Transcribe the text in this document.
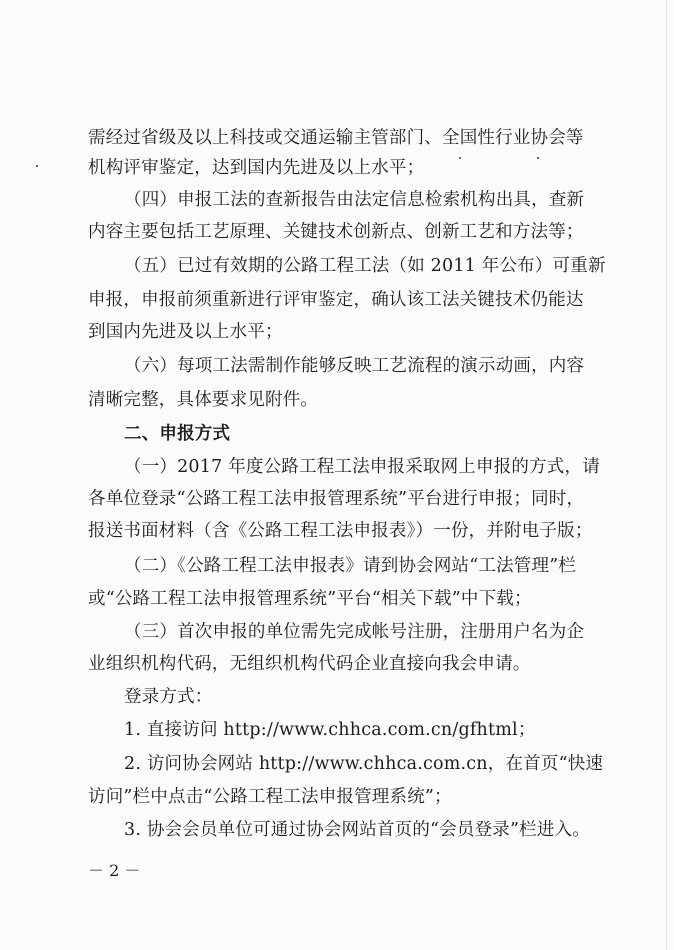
需经过省级及以上科技或交通运输主管部门、全国性行业协会等
机构评审鉴定，达到国内先进及以上水平；
（四）申报工法的查新报告由法定信息检索机构出具，查新
内容主要包括工艺原理、关键技术创新点、创新工艺和方法等；
（五）已过有效期的公路工程工法（如 2011 年公布）可重新
申报，申报前须重新进行评审鉴定，确认该工法关键技术仍能达
到国内先进及以上水平；
（六）每项工法需制作能够反映工艺流程的演示动画，内容
清晰完整，具体要求见附件。
二、申报方式
（一）2017 年度公路工程工法申报采取网上申报的方式，请
各单位登录“公路工程工法申报管理系统”平台进行申报；同时，
报送书面材料（含《公路工程工法申报表》）一份，并附电子版；
（二）《公路工程工法申报表》请到协会网站“工法管理”栏
或“公路工程工法申报管理系统”平台“相关下载”中下载；
（三）首次申报的单位需先完成帐号注册，注册用户名为企
业组织机构代码，无组织机构代码企业直接向我会申请。
登录方式：
1. 直接访问 http://www.chhca.com.cn/gfhtml；
2. 访问协会网站 http://www.chhca.com.cn，在首页“快速
访问”栏中点击“公路工程工法申报管理系统”；
3. 协会会员单位可通过协会网站首页的“会员登录”栏进入。
－ 2 －
